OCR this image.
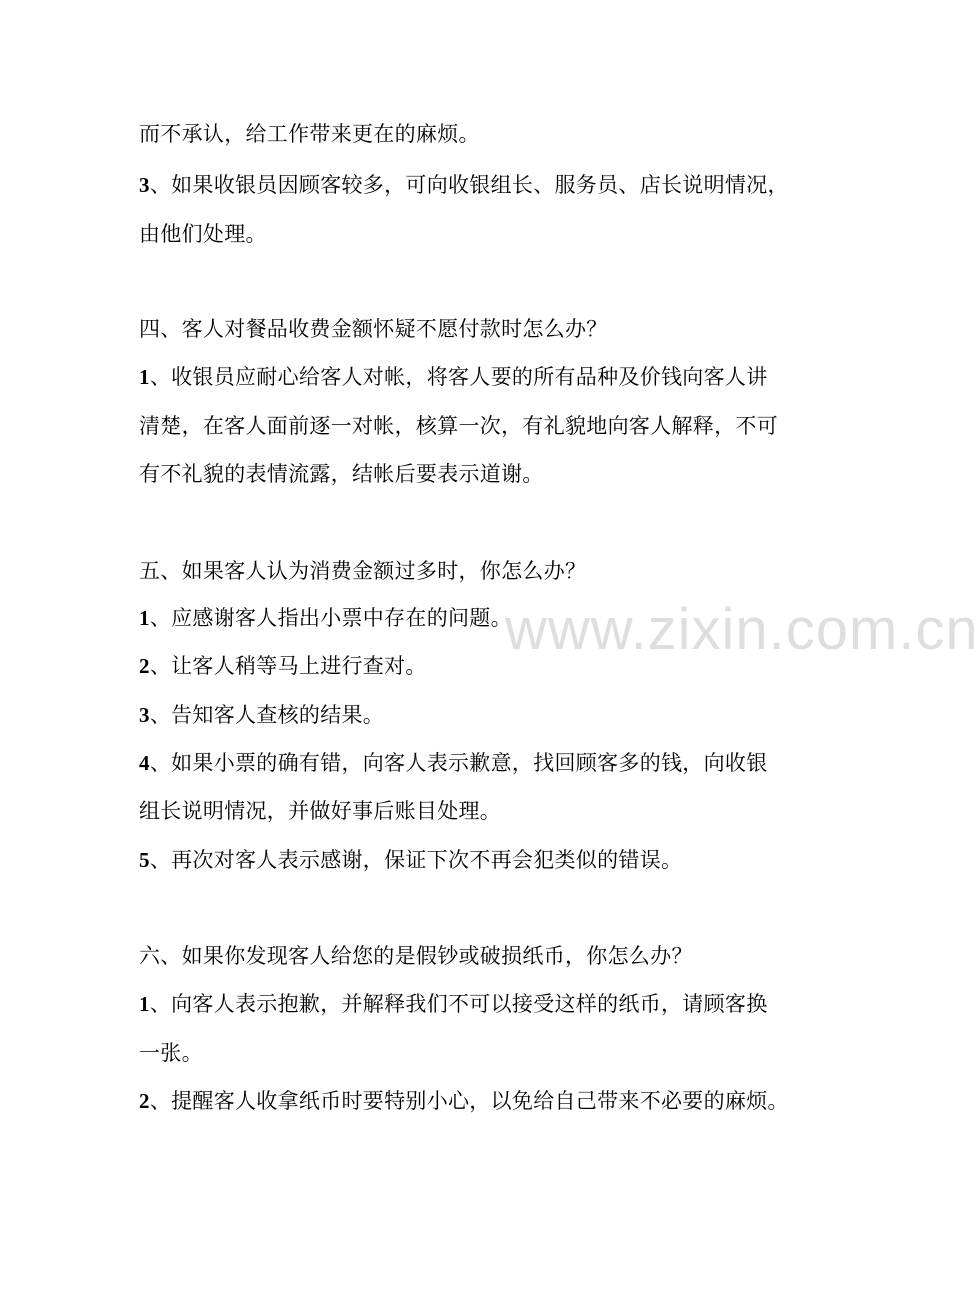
而不承认，给工作带来更在的麻烦。
3、如果收银员因顾客较多，可向收银组长、服务员、店长说明情况，
由他们处理。
四、客人对餐品收费金额怀疑不愿付款时怎么办？
1、收银员应耐心给客人对帐，将客人要的所有品种及价钱向客人讲
清楚，在客人面前逐一对帐，核算一次，有礼貌地向客人解释，不可
有不礼貌的表情流露，结帐后要表示道谢。
五、如果客人认为消费金额过多时，你怎么办？
1、应感谢客人指出小票中存在的问题。
2、让客人稍等马上进行查对。
3、告知客人查核的结果。
4、如果小票的确有错，向客人表示歉意，找回顾客多的钱，向收银
组长说明情况，并做好事后账目处理。
5、再次对客人表示感谢，保证下次不再会犯类似的错误。
六、如果你发现客人给您的是假钞或破损纸币，你怎么办？
1、向客人表示抱歉，并解释我们不可以接受这样的纸币，请顾客换
一张。
2、提醒客人收拿纸币时要特别小心，以免给自己带来不必要的麻烦。
www.zixin.com.cn
